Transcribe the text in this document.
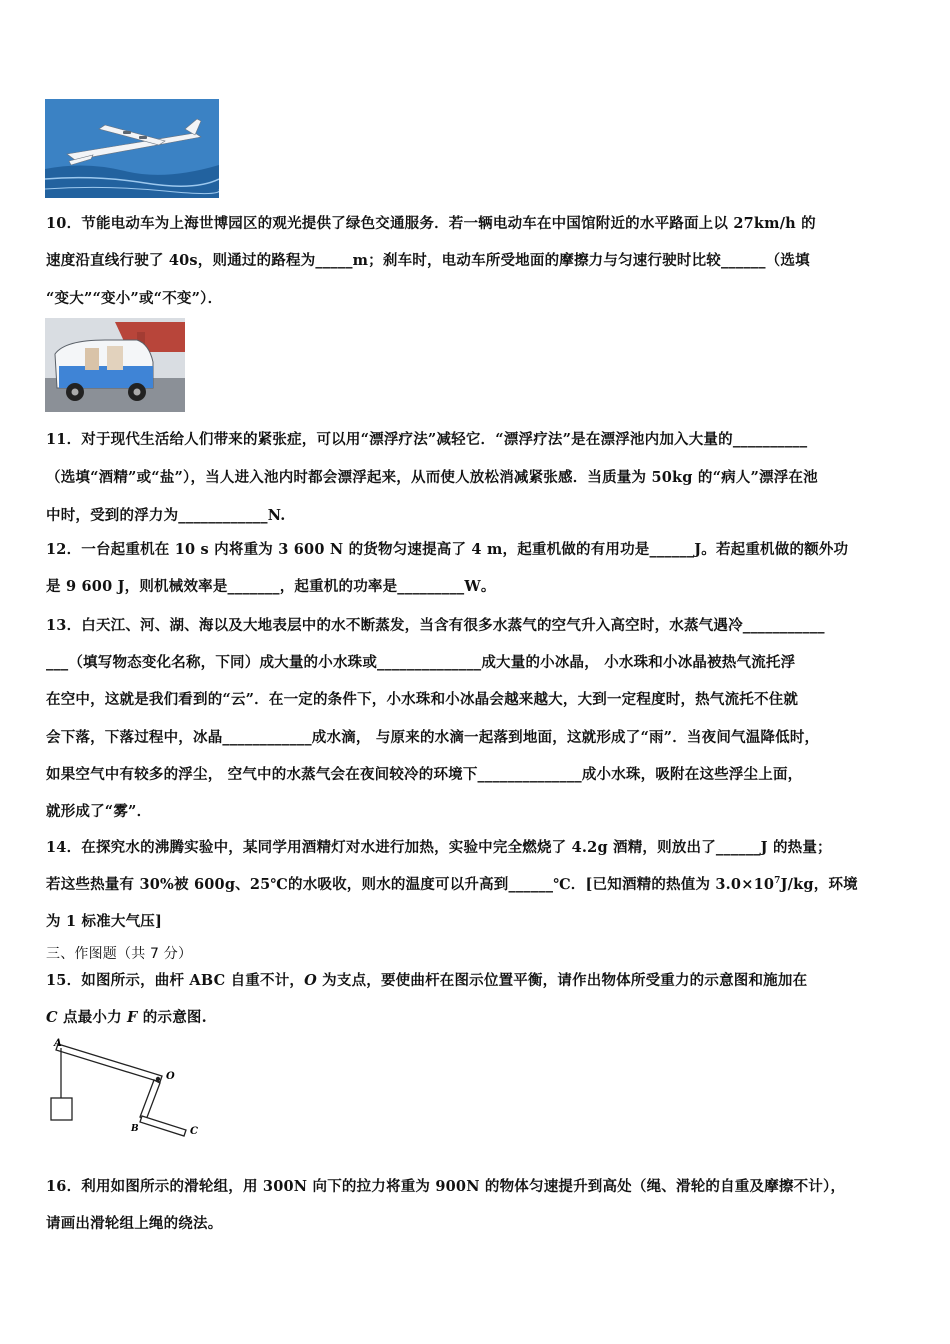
10．节能电动车为上海世博园区的观光提供了绿色交通服务．若一辆电动车在中国馆附近的水平路面上以 27km/h 的
速度沿直线行驶了 40s，则通过的路程为_____m；刹车时，电动车所受地面的摩擦力与匀速行驶时比较______（选填
“变大”“变小”或“不变”）．
11．对于现代生活给人们带来的紧张症，可以用“漂浮疗法”减轻它．“漂浮疗法”是在漂浮池内加入大量的__________
（选填“酒精”或“盐”），当人进入池内时都会漂浮起来，从而使人放松消减紧张感．当质量为 50kg 的“病人”漂浮在池
中时，受到的浮力为____________N.
12．一台起重机在 10 s 内将重为 3 600 N 的货物匀速提高了 4 m，起重机做的有用功是______J。若起重机做的额外功
是 9 600 J，则机械效率是_______，起重机的功率是_________W。
13．白天江、河、湖、海以及大地表层中的水不断蒸发，当含有很多水蒸气的空气升入高空时，水蒸气遇冷___________
___（填写物态变化名称，下同）成大量的小水珠或______________成大量的小冰晶， 小水珠和小冰晶被热气流托浮
在空中，这就是我们看到的“云”．在一定的条件下，小水珠和小冰晶会越来越大，大到一定程度时，热气流托不住就
会下落，下落过程中，冰晶____________成水滴， 与原来的水滴一起落到地面，这就形成了“雨”．当夜间气温降低时，
如果空气中有较多的浮尘， 空气中的水蒸气会在夜间较冷的环境下______________成小水珠，吸附在这些浮尘上面，
就形成了“雾”．
14．在探究水的沸腾实验中，某同学用酒精灯对水进行加热，实验中完全燃烧了 4.2g 酒精，则放出了______J 的热量；
若这些热量有 30%被 600g、25℃的水吸收，则水的温度可以升高到______℃．[已知酒精的热值为 $3.0\times 10^7J/kg$，环境
为 1 标准大气压]
三、作图题（共 7 分）
15．如图所示，曲杆 ABC 自重不计，O 为支点，要使曲杆在图示位置平衡，请作出物体所受重力的示意图和施加在
C 点最小力 F 的示意图.
A
O
B	C
16．利用如图所示的滑轮组，用 300N 向下的拉力将重为 900N 的物体匀速提升到高处（绳、滑轮的自重及摩擦不计），
请画出滑轮组上绳的绕法。
